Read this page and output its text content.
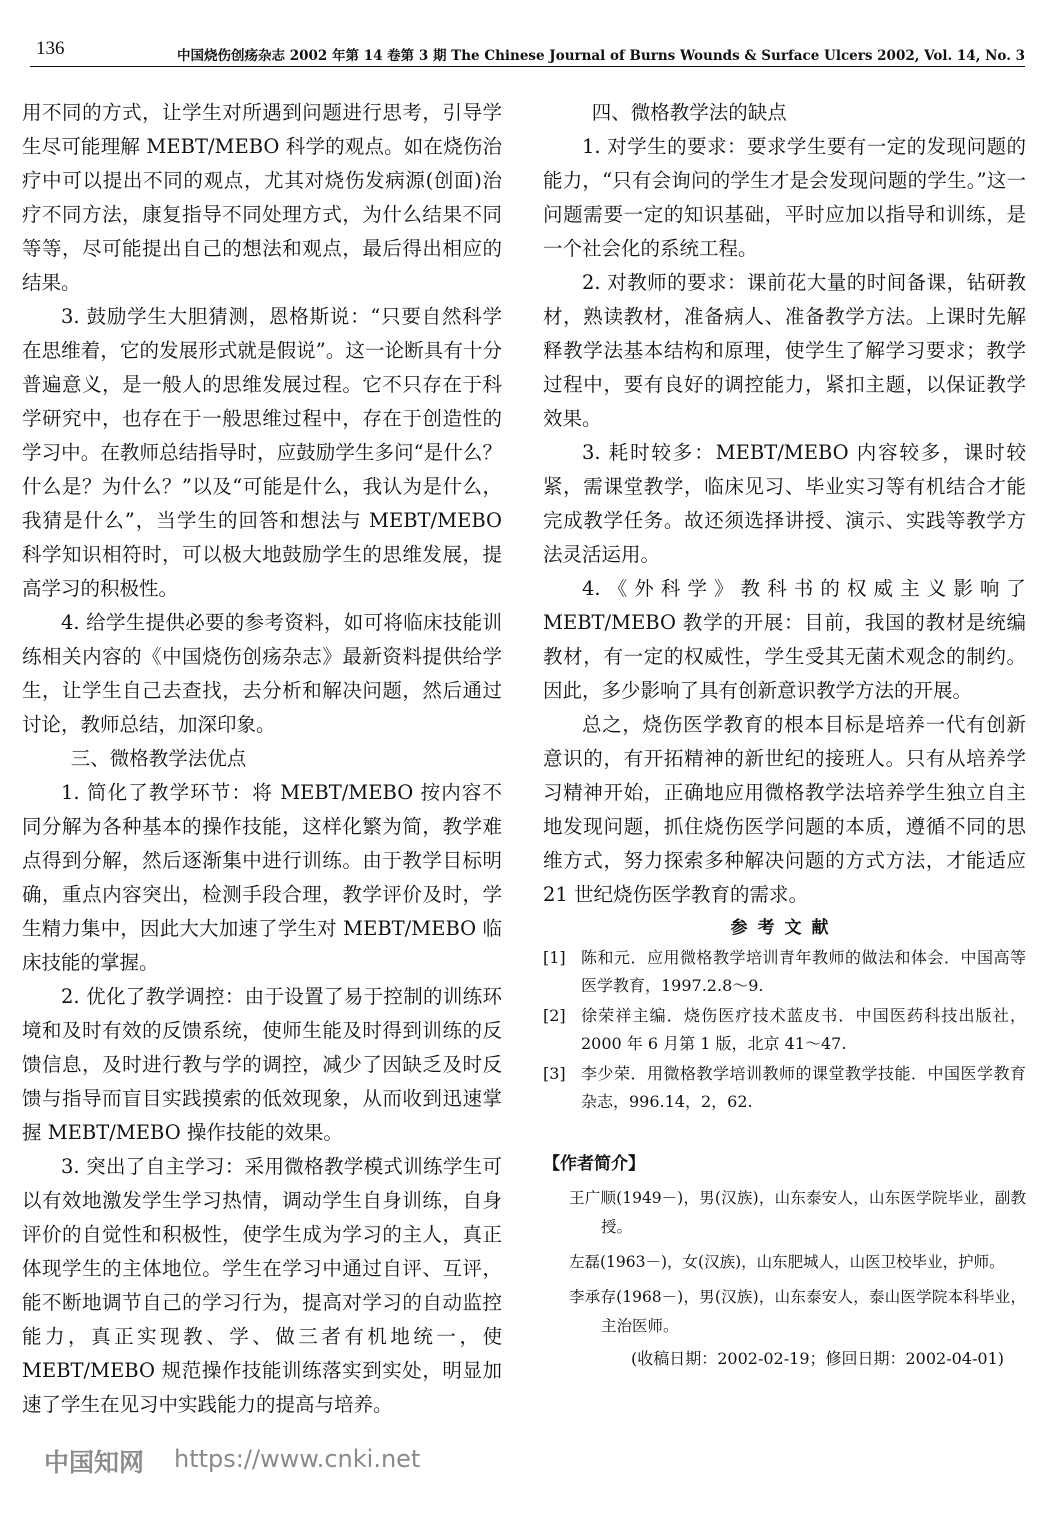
136	中国烧伤创疡杂志 2002 年第 14 卷第 3 期 The Chinese Journal of Burns Wounds & Surface Ulcers 2002, Vol. 14, No. 3

用不同的方式，让学生对所遇到问题进行思考，引导学生尽可能理解 MEBT/MEBO 科学的观点。如在烧伤治疗中可以提出不同的观点，尤其对烧伤发病源(创面)治疗不同方法，康复指导不同处理方式，为什么结果不同等等，尽可能提出自己的想法和观点，最后得出相应的结果。

3. 鼓励学生大胆猜测，恩格斯说：“只要自然科学在思维着，它的发展形式就是假说”。这一论断具有十分普遍意义，是一般人的思维发展过程。它不只存在于科学研究中，也存在于一般思维过程中，存在于创造性的学习中。在教师总结指导时，应鼓励学生多问“是什么？什么是？为什么？”以及“可能是什么，我认为是什么，我猜是什么”，当学生的回答和想法与 MEBT/MEBO 科学知识相符时，可以极大地鼓励学生的思维发展，提高学习的积极性。

4. 给学生提供必要的参考资料，如可将临床技能训练相关内容的《中国烧伤创疡杂志》最新资料提供给学生，让学生自己去查找，去分析和解决问题，然后通过讨论，教师总结，加深印象。

三、微格教学法优点

1. 简化了教学环节：将 MEBT/MEBO 按内容不同分解为各种基本的操作技能，这样化繁为简，教学难点得到分解，然后逐渐集中进行训练。由于教学目标明确，重点内容突出，检测手段合理，教学评价及时，学生精力集中，因此大大加速了学生对 MEBT/MEBO 临床技能的掌握。

2. 优化了教学调控：由于设置了易于控制的训练环境和及时有效的反馈系统，使师生能及时得到训练的反馈信息，及时进行教与学的调控，减少了因缺乏及时反馈与指导而盲目实践摸索的低效现象，从而收到迅速掌握 MEBT/MEBO 操作技能的效果。

3. 突出了自主学习：采用微格教学模式训练学生可以有效地激发学生学习热情，调动学生自身训练，自身评价的自觉性和积极性，使学生成为学习的主人，真正体现学生的主体地位。学生在学习中通过自评、互评，能不断地调节自己的学习行为，提高对学习的自动监控能力，真正实现教、学、做三者有机地统一，使 MEBT/MEBO 规范操作技能训练落实到实处，明显加速了学生在见习中实践能力的提高与培养。

四、微格教学法的缺点

1. 对学生的要求：要求学生要有一定的发现问题的能力，“只有会询问的学生才是会发现问题的学生。”这一问题需要一定的知识基础，平时应加以指导和训练，是一个社会化的系统工程。

2. 对教师的要求：课前花大量的时间备课，钻研教材，熟读教材，准备病人、准备教学方法。上课时先解释教学法基本结构和原理，使学生了解学习要求；教学过程中，要有良好的调控能力，紧扣主题，以保证教学效果。

3. 耗时较多：MEBT/MEBO 内容较多，课时较紧，需课堂教学，临床见习、毕业实习等有机结合才能完成教学任务。故还须选择讲授、演示、实践等教学方法灵活运用。

4.《外科学》教科书的权威主义影响了 MEBT/MEBO 教学的开展：目前，我国的教材是统编教材，有一定的权威性，学生受其无菌术观念的制约。因此，多少影响了具有创新意识教学方法的开展。

总之，烧伤医学教育的根本目标是培养一代有创新意识的，有开拓精神的新世纪的接班人。只有从培养学习精神开始，正确地应用微格教学法培养学生独立自主地发现问题，抓住烧伤医学问题的本质，遵循不同的思维方式，努力探索多种解决问题的方式方法，才能适应 21 世纪烧伤医学教育的需求。

参考文献
[1] 陈和元．应用微格教学培训青年教师的做法和体会．中国高等医学教育，1997.2.8～9.
[2] 徐荣祥主编．烧伤医疗技术蓝皮书．中国医药科技出版社，2000 年 6 月第 1 版，北京 41～47.
[3] 李少荣．用微格教学培训教师的课堂教学技能．中国医学教育杂志，996.14，2，62.
【作者简介】

王广顺(1949－)，男(汉族)，山东泰安人，山东医学院毕业，副教授。

左磊(1963－)，女(汉族)，山东肥城人，山医卫校毕业，护师。

李承存(1968－)，男(汉族)，山东泰安人，泰山医学院本科毕业，主治医师。

(收稿日期：2002-02-19；修回日期：2002-04-01)
中国知网 https://www.cnki.net
